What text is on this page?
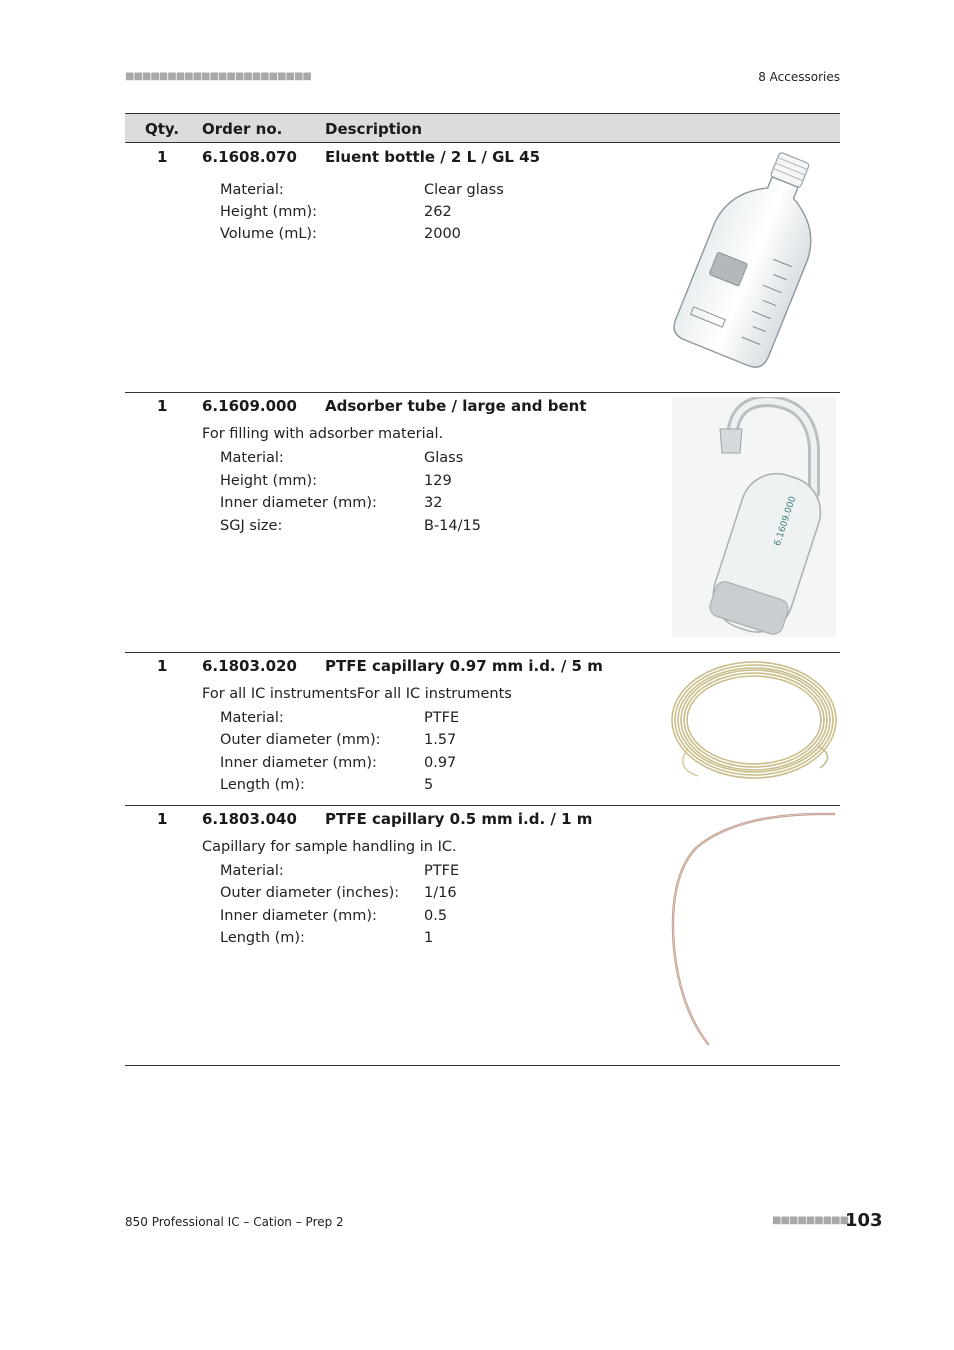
■■■■■■■■■■■■■■■■■■■■■■	8 Accessories
Qty. Order no.	Description
1 6.1608.070 Eluent bottle / 2 L / GL 45
Material:	Clear glass
Height (mm):	262
Volume (mL):	2000
1 6.1609.000 Adsorber tube / large and bent
For filling with adsorber material.
Material:	Glass
Height (mm):	129
Inner diameter (mm):	32
SGJ size:	B-14/15	6.1609.000
1 6.1803.020 PTFE capillary 0.97 mm i.d. / 5 m
For all IC instrumentsFor all IC instruments
Material:	PTFE
Outer diameter (mm):	1.57
Inner diameter (mm):	0.97
Length (m):	5
1 6.1803.040 PTFE capillary 0.5 mm i.d. / 1 m
Capillary for sample handling in IC.
Material:	PTFE
Outer diameter (inches): 1/16
Inner diameter (mm):	0.5
Length (m):	1
850 Professional IC – Cation – Prep 2	■■■■■■■■■
103
